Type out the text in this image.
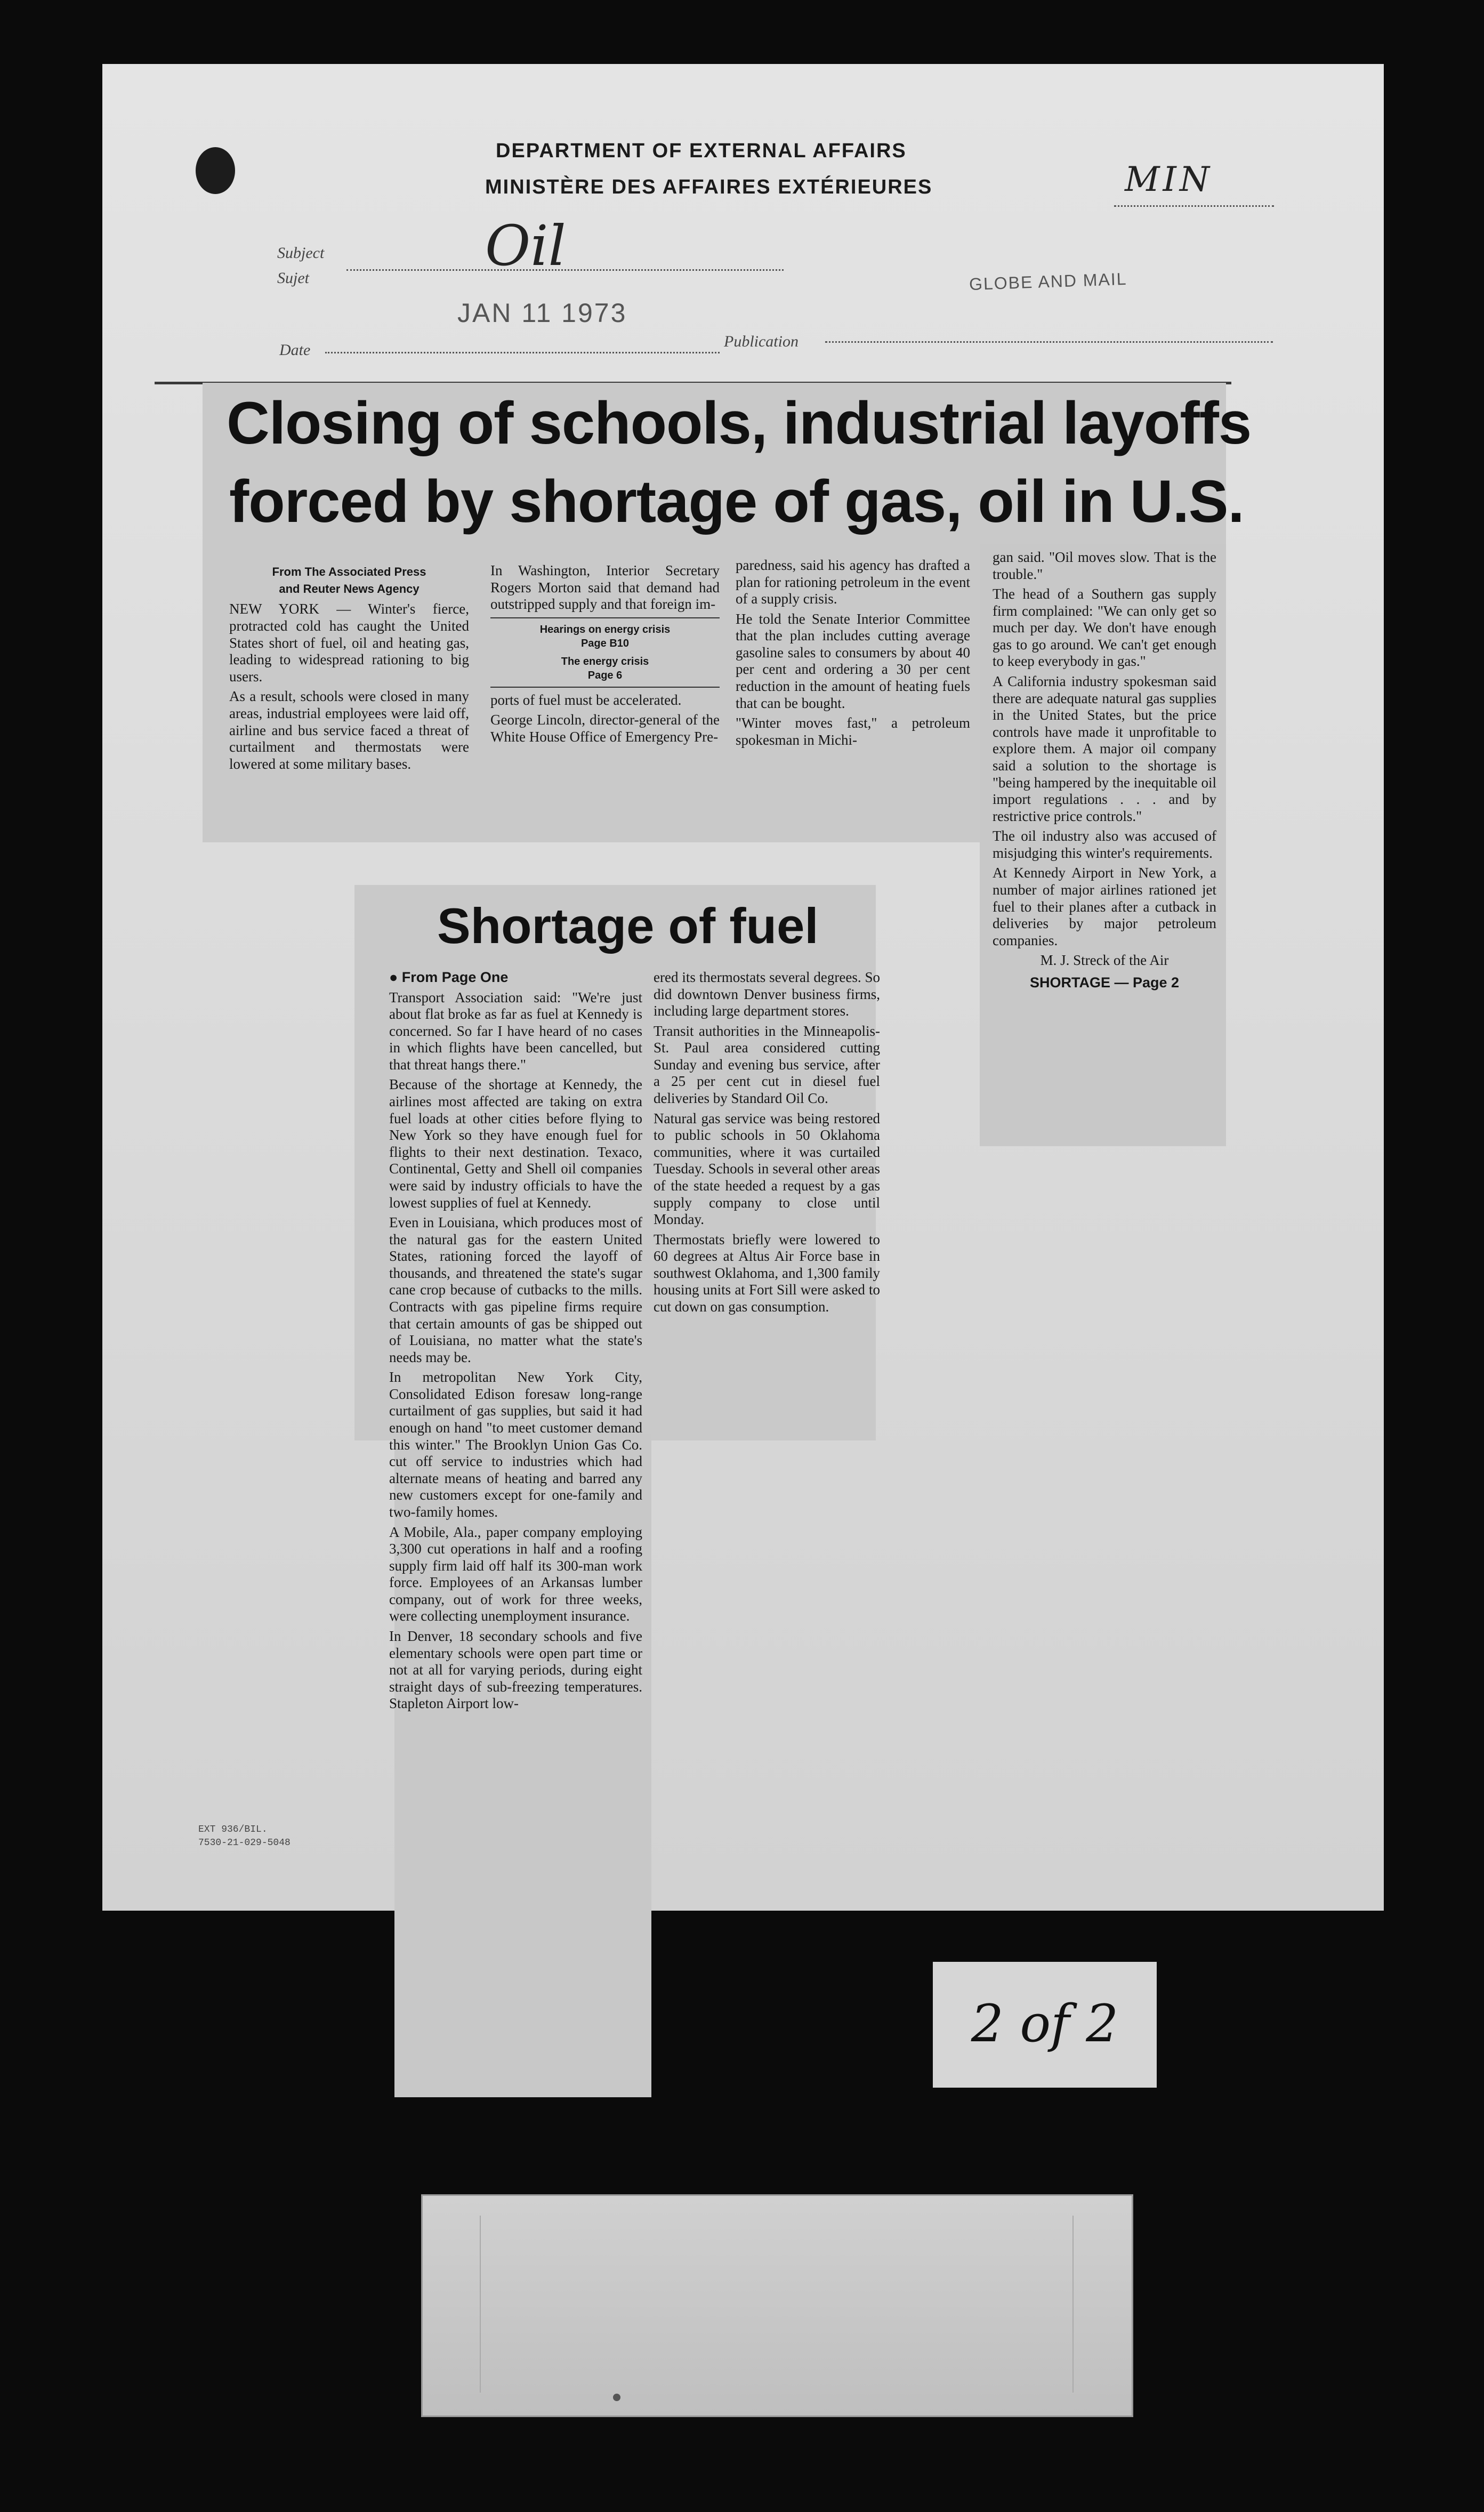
DEPARTMENT OF EXTERNAL AFFAIRS
MINISTÈRE DES AFFAIRES EXTÉRIEURES	MIN
Subject
Sujet	Oil
JAN 11 1973
GLOBE AND MAIL
Date	Publication
Closing of schools, industrial layoffs
forced by shortage of gas, oil in U.S.
From The Associated Press
and Reuter News Agency

NEW YORK — Winter's fierce, protracted cold has caught the United States short of fuel, oil and heating gas, leading to widespread rationing to big users.

As a result, schools were closed in many areas, industrial employees were laid off, airline and bus service faced a threat of curtailment and thermostats were lowered at some military bases.

In Washington, Interior Secretary Rogers Morton said that demand had outstripped supply and that foreign im-

Hearings on energy crisis
Page B10
The energy crisis
Page 6

ports of fuel must be accelerated.

George Lincoln, director-general of the White House Office of Emergency Pre-

paredness, said his agency has drafted a plan for rationing petroleum in the event of a supply crisis.

He told the Senate Interior Committee that the plan includes cutting average gasoline sales to consumers by about 40 per cent and ordering a 30 per cent reduction in the amount of heating fuels that can be bought.

"Winter moves fast," a petroleum spokesman in Michi-

gan said. "Oil moves slow. That is the trouble."

The head of a Southern gas supply firm complained: "We can only get so much per day. We don't have enough gas to go around. We can't get enough to keep everybody in gas."

A California industry spokesman said there are adequate natural gas supplies in the United States, but the price controls have made it unprofitable to explore them. A major oil company said a solution to the shortage is "being hampered by the inequitable oil import regulations . . . and by restrictive price controls."

The oil industry also was accused of misjudging this winter's requirements.

At Kennedy Airport in New York, a number of major airlines rationed jet fuel to their planes after a cutback in deliveries by major petroleum companies.

M. J. Streck of the Air

SHORTAGE — Page 2

Shortage of fuel

● From Page One

Transport Association said: "We're just about flat broke as far as fuel at Kennedy is concerned. So far I have heard of no cases in which flights have been cancelled, but that threat hangs there."

Because of the shortage at Kennedy, the airlines most affected are taking on extra fuel loads at other cities before flying to New York so they have enough fuel for flights to their next destination. Texaco, Continental, Getty and Shell oil companies were said by industry officials to have the lowest supplies of fuel at Kennedy.

Even in Louisiana, which produces most of the natural gas for the eastern United States, rationing forced the layoff of thousands, and threatened the state's sugar cane crop because of cutbacks to the mills. Contracts with gas pipeline firms require that certain amounts of gas be shipped out of Louisiana, no matter what the state's needs may be.

In metropolitan New York City, Consolidated Edison foresaw long-range curtailment of gas supplies, but said it had enough on hand "to meet customer demand this winter." The Brooklyn Union Gas Co. cut off service to industries which had alternate means of heating and barred any new customers except for one-family and two-family homes.

A Mobile, Ala., paper company employing 3,300 cut operations in half and a roofing supply firm laid off half its 300-man work force. Employees of an Arkansas lumber company, out of work for three weeks, were collecting unemployment insurance.

In Denver, 18 secondary schools and five elementary schools were open part time or not at all for varying periods, during eight straight days of sub-freezing temperatures. Stapleton Airport low-

ered its thermostats several degrees. So did downtown Denver business firms, including large department stores.

Transit authorities in the Minneapolis-St. Paul area considered cutting Sunday and evening bus service, after a 25 per cent cut in diesel fuel deliveries by Standard Oil Co.

Natural gas service was being restored to public schools in 50 Oklahoma communities, where it was curtailed Tuesday. Schools in several other areas of the state heeded a request by a gas supply company to close until Monday.

Thermostats briefly were lowered to 60 degrees at Altus Air Force base in southwest Oklahoma, and 1,300 family housing units at Fort Sill were asked to cut down on gas consumption.

EXT 936/BIL.
7530-21-029-5048
2 of 2
